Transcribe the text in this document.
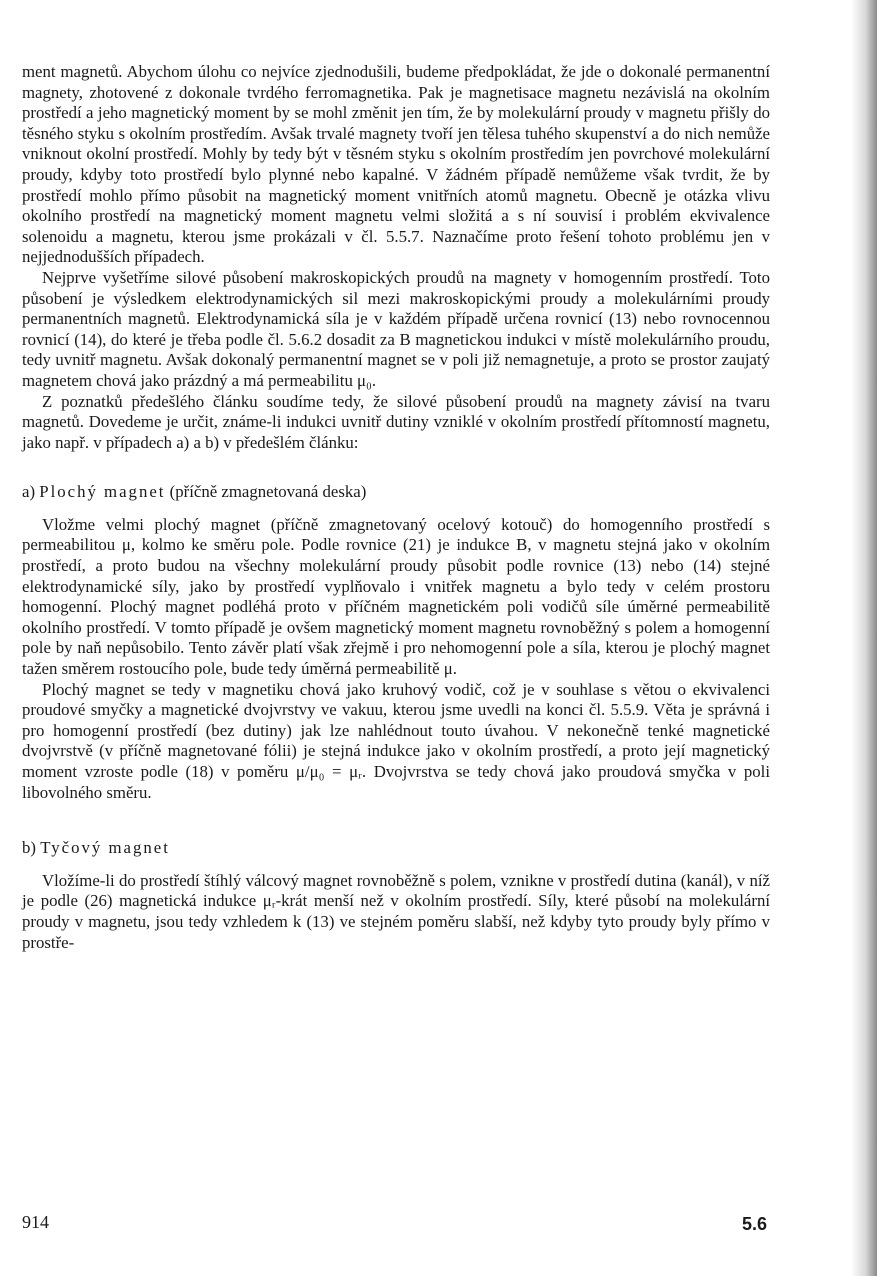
ment magnetů. Abychom úlohu co nejvíce zjednodušili, budeme předpokládat, že jde o dokonalé permanentní magnety, zhotovené z dokonale tvrdého ferromagnetika. Pak je magnetisace magnetu nezávislá na okolním prostředí a jeho magnetický moment by se mohl změnit jen tím, že by molekulární proudy v magnetu přišly do těsného styku s okolním prostředím. Avšak trvalé magnety tvoří jen tělesa tuhého skupenství a do nich nemůže vniknout okolní prostředí. Mohly by tedy být v těsném styku s okolním prostředím jen povrchové molekulární proudy, kdyby toto prostředí bylo plynné nebo kapalné. V žádném případě nemůžeme však tvrdit, že by prostředí mohlo přímo působit na magnetický moment vnitřních atomů magnetu. Obecně je otázka vlivu okolního prostředí na magnetický moment magnetu velmi složitá a s ní souvisí i problém ekvivalence solenoidu a magnetu, kterou jsme prokázali v čl. 5.5.7. Naznačíme proto řešení tohoto problému jen v nejjednodušších případech.

Nejprve vyšetříme silové působení makroskopických proudů na magnety v homogenním prostředí. Toto působení je výsledkem elektrodynamických sil mezi makroskopickými proudy a molekulárními proudy permanentních magnetů. Elektrodynamická síla je v každém případě určena rovnicí (13) nebo rovnocennou rovnicí (14), do které je třeba podle čl. 5.6.2 dosadit za B magnetickou indukci v místě molekulárního proudu, tedy uvnitř magnetu. Avšak dokonalý permanentní magnet se v poli již nemagnetuje, a proto se prostor zaujatý magnetem chová jako prázdný a má permeabilitu μ₀.

Z poznatků předešlého článku soudíme tedy, že silové působení proudů na magnety závisí na tvaru magnetů. Dovedeme je určit, známe-li indukci uvnitř dutiny vzniklé v okolním prostředí přítomností magnetu, jako např. v případech a) a b) v předešlém článku:

a) Plochý magnet (příčně zmagnetovaná deska)

Vložme velmi plochý magnet (příčně zmagnetovaný ocelový kotouč) do homogenního prostředí s permeabilitou μ, kolmo ke směru pole. Podle rovnice (21) je indukce B, v magnetu stejná jako v okolním prostředí, a proto budou na všechny molekulární proudy působit podle rovnice (13) nebo (14) stejné elektrodynamické síly, jako by prostředí vyplňovalo i vnitřek magnetu a bylo tedy v celém prostoru homogenní. Plochý magnet podléhá proto v příčném magnetickém poli vodičů síle úměrné permeabilitě okolního prostředí. V tomto případě je ovšem magnetický moment magnetu rovnoběžný s polem a homogenní pole by naň nepůsobilo. Tento závěr platí však zřejmě i pro nehomogenní pole a síla, kterou je plochý magnet tažen směrem rostoucího pole, bude tedy úměrná permeabilitě μ.

Plochý magnet se tedy v magnetiku chová jako kruhový vodič, což je v souhlase s větou o ekvivalenci proudové smyčky a magnetické dvojvrstvy ve vakuu, kterou jsme uvedli na konci čl. 5.5.9. Věta je správná i pro homogenní prostředí (bez dutiny) jak lze nahlédnout touto úvahou. V nekonečně tenké magnetické dvojvrstvě (v příčně magnetované fólii) je stejná indukce jako v okolním prostředí, a proto její magnetický moment vzroste podle (18) v poměru μ/μ₀ = μᵣ. Dvojvrstva se tedy chová jako proudová smyčka v poli libovolného směru.

b) Tyčový magnet

Vložíme-li do prostředí štíhlý válcový magnet rovnoběžně s polem, vznikne v prostředí dutina (kanál), v níž je podle (26) magnetická indukce μᵣ-krát menší než v okolním prostředí. Síly, které působí na molekulární proudy v magnetu, jsou tedy vzhledem k (13) ve stejném poměru slabší, než kdyby tyto proudy byly přímo v prostře-

914	5.6
